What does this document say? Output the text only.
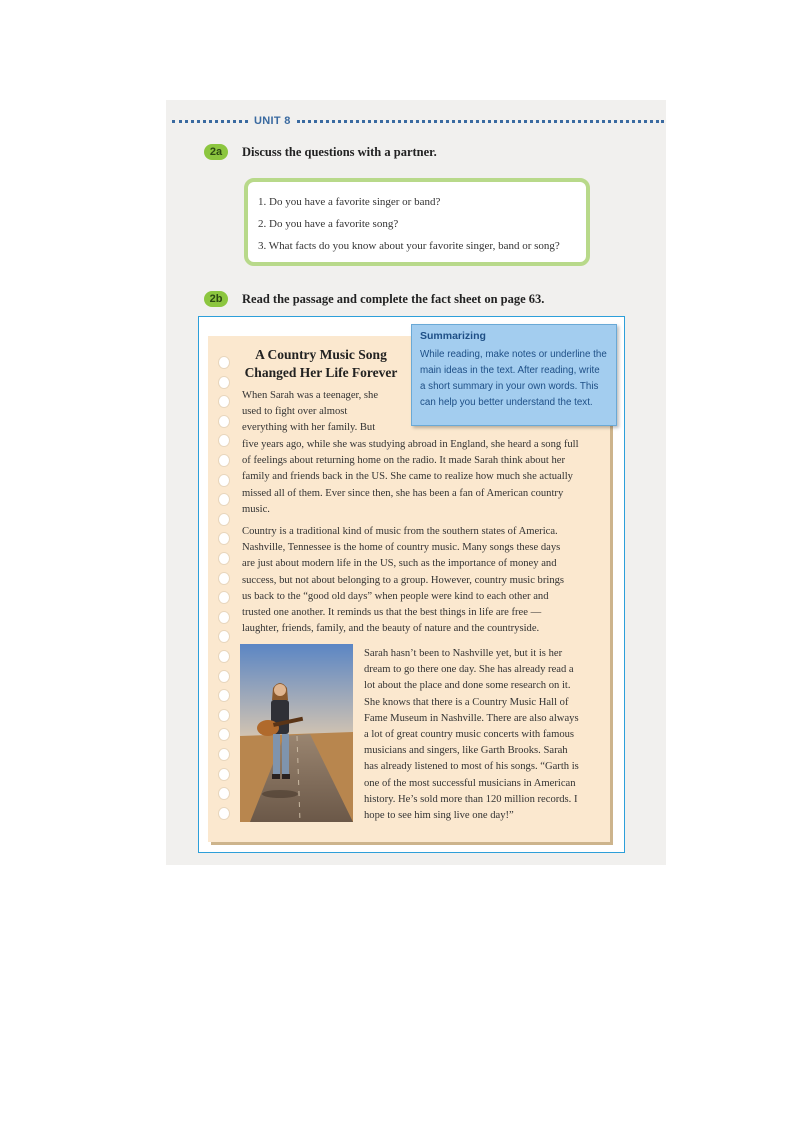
UNIT 8
2a	Discuss the questions with a partner.
1. Do you have a favorite singer or band?
2. Do you have a favorite song?
3. What facts do you know about your favorite singer, band or song?
2b	Read the passage and complete the fact sheet on page 63.
A Country Music Song
Changed Her Life Forever
When Sarah was a teenager, she
used to fight over almost
everything with her family. But
five years ago, while she was studying abroad in England, she heard a song full
of feelings about returning home on the radio. It made Sarah think about her
family and friends back in the US. She came to realize how much she actually
missed all of them. Ever since then, she has been a fan of American country
music.
Country is a traditional kind of music from the southern states of America.
Nashville, Tennessee is the home of country music. Many songs these days
are just about modern life in the US, such as the importance of money and
success, but not about belonging to a group. However, country music brings
us back to the “good old days” when people were kind to each other and
trusted one another. It reminds us that the best things in life are free —
laughter, friends, family, and the beauty of nature and the countryside.
Sarah hasn’t been to Nashville yet, but it is her
dream to go there one day. She has already read a
lot about the place and done some research on it.
She knows that there is a Country Music Hall of
Fame Museum in Nashville. There are also always
a lot of great country music concerts with famous
musicians and singers, like Garth Brooks. Sarah
has already listened to most of his songs. “Garth is
one of the most successful musicians in American
history. He’s sold more than 120 million records. I
hope to see him sing live one day!”
Summarizing
While reading, make notes or underline the
main ideas in the text. After reading, write
a short summary in your own words. This
can help you better understand the text.
